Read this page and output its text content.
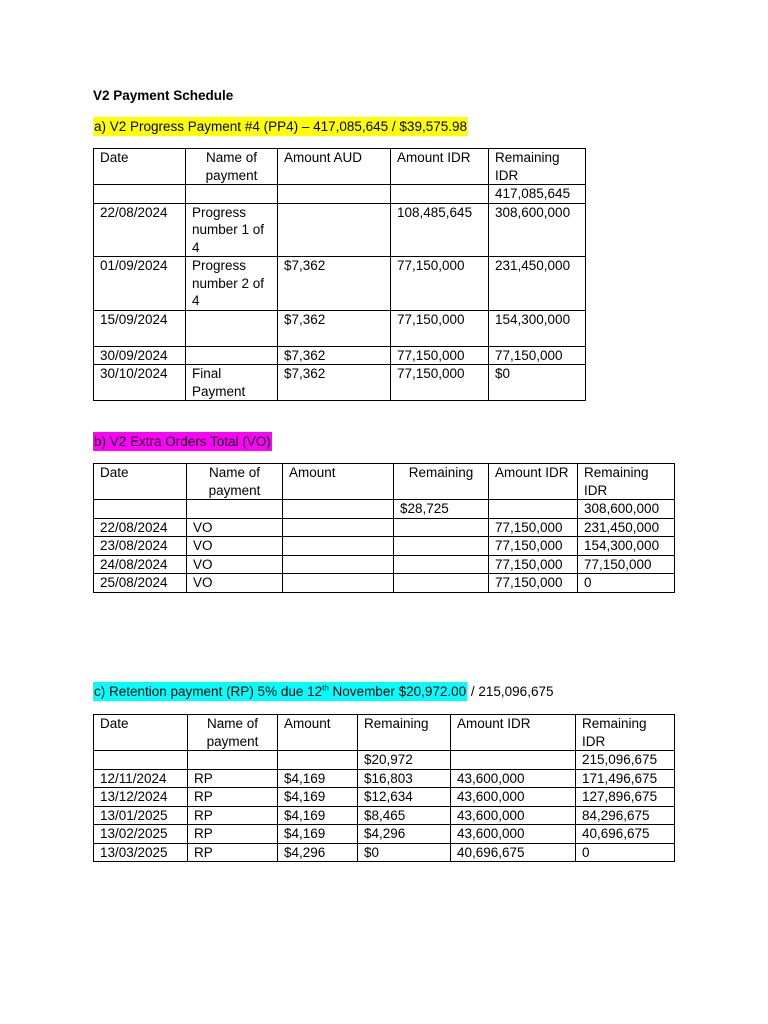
V2 Payment Schedule
a) V2 Progress Payment #4 (PP4) – 417,085,645 / $39,575.98
Date	Name of payment	Amount AUD	Amount IDR	Remaining IDR
				417,085,645
22/08/2024	Progress number 1 of 4		108,485,645	308,600,000
01/09/2024	Progress number 2 of 4	$7,362	77,150,000	231,450,000
15/09/2024		$7,362	77,150,000	154,300,000
30/09/2024		$7,362	77,150,000	77,150,000
30/10/2024	Final Payment	$7,362	77,150,000	$0
b) V2 Extra Orders Total (VO)
Date	Name of payment	Amount	Remaining	Amount IDR	Remaining IDR
			$28,725		308,600,000
22/08/2024	VO			77,150,000	231,450,000
23/08/2024	VO			77,150,000	154,300,000
24/08/2024	VO			77,150,000	77,150,000
25/08/2024	VO			77,150,000	0
c) Retention payment (RP) 5% due 12th November $20,972.00 / 215,096,675
Date	Name of payment	Amount	Remaining	Amount IDR	Remaining IDR
			$20,972		215,096,675
12/11/2024	RP	$4,169	$16,803	43,600,000	171,496,675
13/12/2024	RP	$4,169	$12,634	43,600,000	127,896,675
13/01/2025	RP	$4,169	$8,465	43,600,000	84,296,675
13/02/2025	RP	$4,169	$4,296	43,600,000	40,696,675
13/03/2025	RP	$4,296	$0	40,696,675	0
